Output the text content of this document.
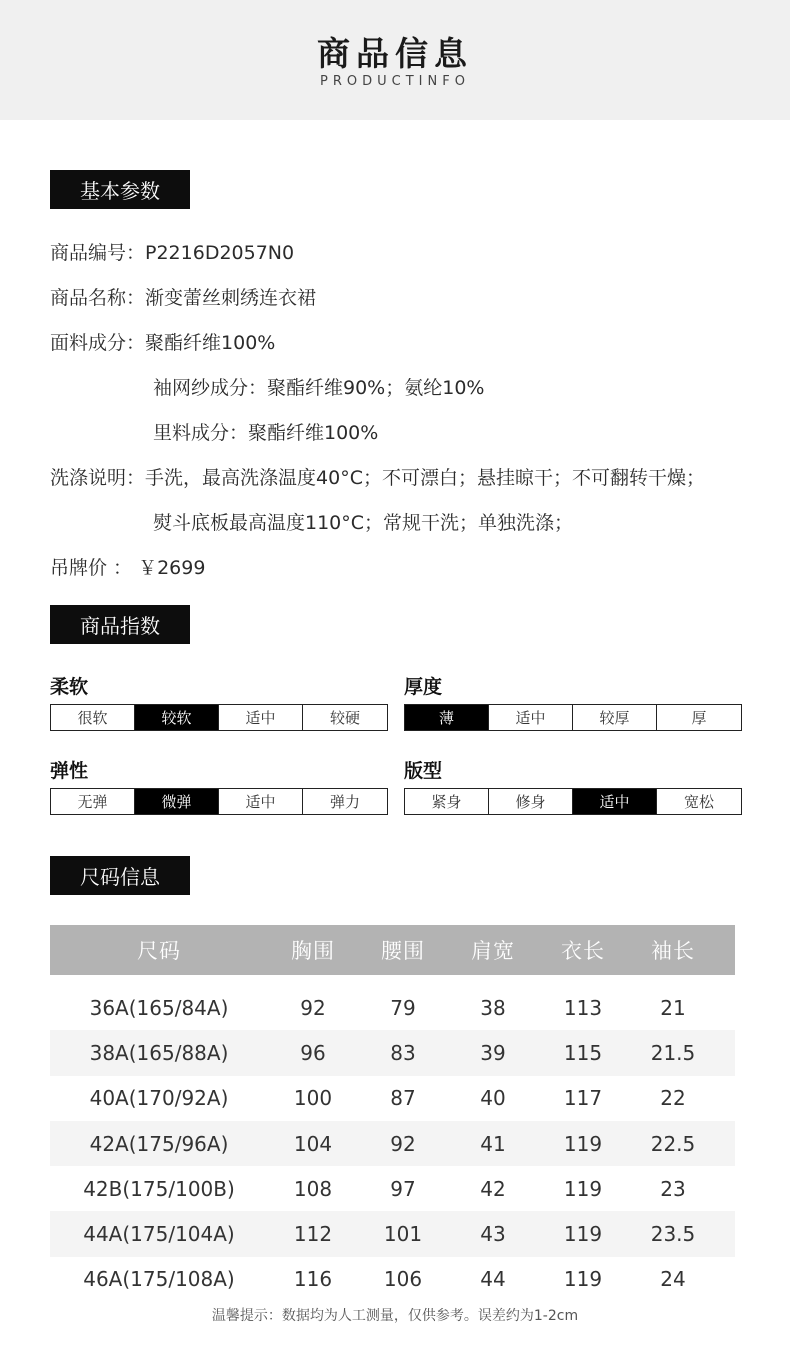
商品信息
PRODUCTINFO
基本参数
商品编号：P2216D2057N0
商品名称：渐变蕾丝刺绣连衣裙
面料成分：聚酯纤维100%
袖网纱成分：聚酯纤维90%；氨纶10%
里料成分：聚酯纤维100%
洗涤说明：手洗，最高洗涤温度40°C；不可漂白；悬挂晾干；不可翻转干燥；
熨斗底板最高温度110°C；常规干洗；单独洗涤；
吊牌价 ： ￥2699
商品指数
柔软
很软	较软	适中	较硬
厚度
薄	适中	较厚	厚
弹性
无弹	微弹	适中	弹力
版型
紧身	修身	适中	宽松
尺码信息
尺码	胸围	腰围	肩宽	衣长	袖长
36A(165/84A)	92	79	38	113	21
38A(165/88A)	96	83	39	115	21.5
40A(170/92A)	100	87	40	117	22
42A(175/96A)	104	92	41	119	22.5
42B(175/100B)	108	97	42	119	23
44A(175/104A)	112	101	43	119	23.5
46A(175/108A)	116	106	44	119	24
温馨提示：数据均为人工测量，仅供参考。误差约为1-2cm
